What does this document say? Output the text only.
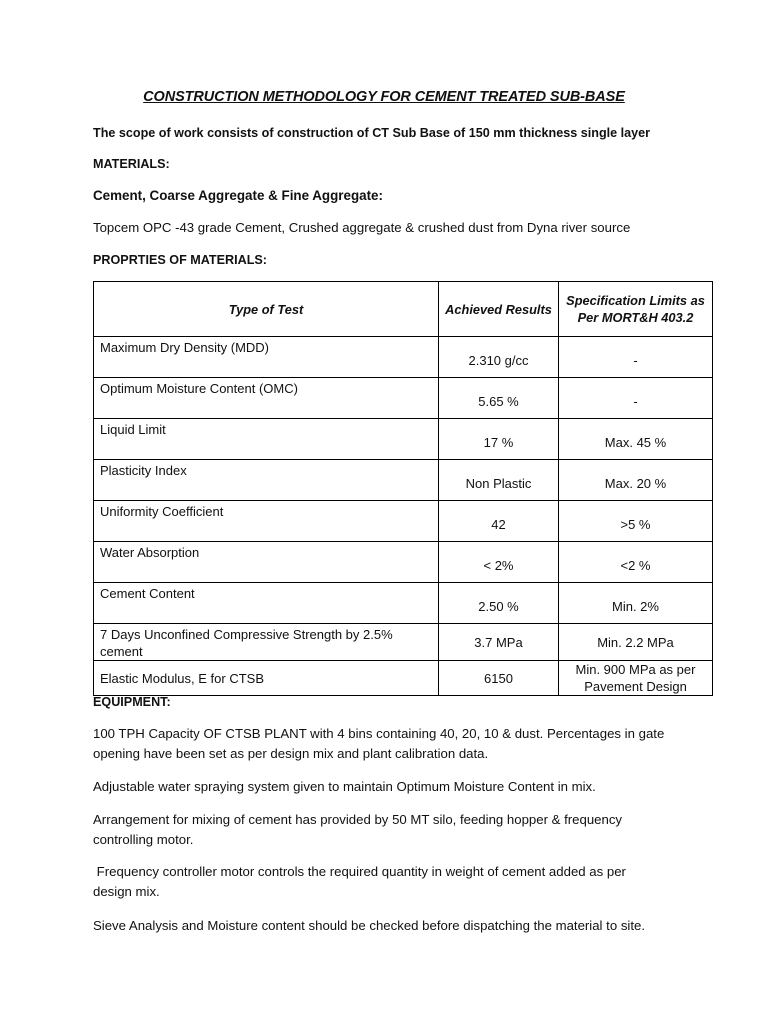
CONSTRUCTION METHODOLOGY FOR CEMENT TREATED SUB-BASE
The scope of work consists of construction of CT Sub Base of 150 mm thickness single layer
MATERIALS:
Cement, Coarse Aggregate & Fine Aggregate:
Topcem OPC -43 grade Cement, Crushed aggregate & crushed dust from Dyna river source
PROPRTIES OF MATERIALS:
Type of Test	Achieved Results	Specification Limits as Per MORT&H 403.2
Maximum Dry Density (MDD)	2.310 g/cc	-
Optimum Moisture Content (OMC)	5.65 %	-
Liquid Limit	17 %	Max. 45 %
Plasticity Index	Non Plastic	Max. 20 %
Uniformity Coefficient	42	>5 %
Water Absorption	< 2%	<2 %
Cement Content	2.50 %	Min. 2%
7 Days Unconfined Compressive Strength by 2.5% cement	3.7 MPa	Min. 2.2 MPa
Elastic Modulus, E for CTSB	6150	Min. 900 MPa as per Pavement Design
EQUIPMENT:
100 TPH Capacity OF CTSB PLANT with 4 bins containing 40, 20, 10 & dust. Percentages in gate opening have been set as per design mix and plant calibration data.
Adjustable water spraying system given to maintain Optimum Moisture Content in mix.
Arrangement for mixing of cement has provided by 50 MT silo, feeding hopper & frequency controlling motor.
Frequency controller motor controls the required quantity in weight of cement added as per design mix.
Sieve Analysis and Moisture content should be checked before dispatching the material to site.
